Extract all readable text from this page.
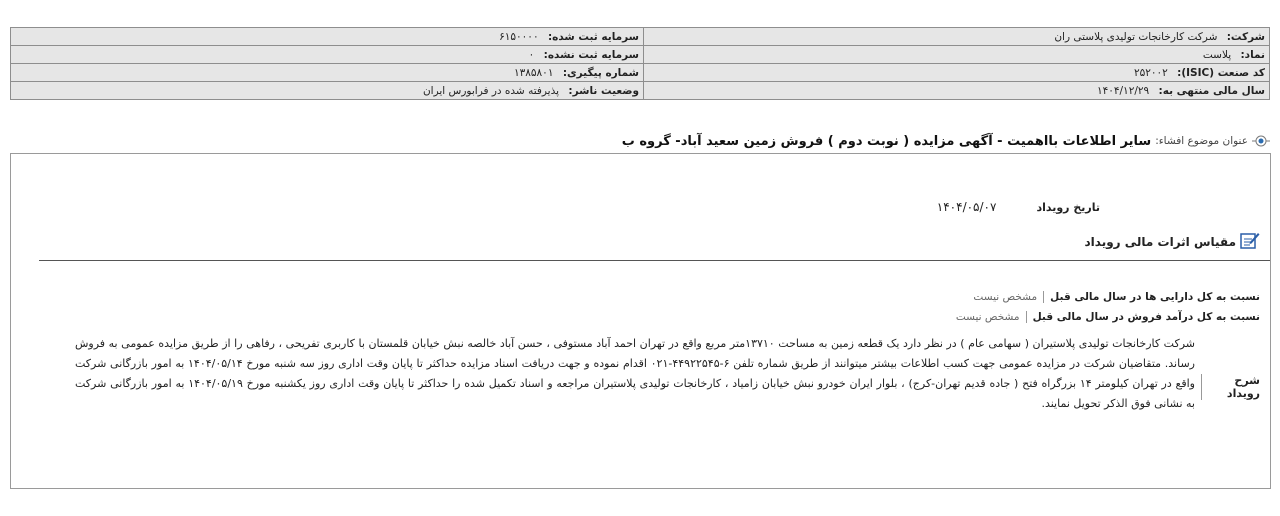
شرکت: شرکت کارخانجات تولیدی پلاستی ران	سرمایه ثبت شده: ۶۱۵۰۰۰۰
نماد: پلاست	سرمایه ثبت نشده: ۰
کد صنعت (ISIC): ۲۵۲۰۰۲	شماره پیگیری: ۱۳۸۵۸۰۱
سال مالی منتهی به: ۱۴۰۴/۱۲/۲۹	وضعیت ناشر: پذیرفته شده در فرابورس ایران
عنوان موضوع افشاء:
سایر اطلاعات بااهمیت - آگهی مزایده ( نوبت دوم ) فروش زمین سعید آباد- گروه ب
تاریخ رویداد
۱۴۰۴/۰۵/۰۷
مقیاس اثرات مالی رویداد
نسبت به کل دارایی ها در سال مالی قبل
مشخص نیست
نسبت به کل درآمد فروش در سال مالی قبل
مشخص نیست
شرح رویداد
شرکت کارخانجات تولیدی پلاستیران ( سهامی عام ) در نظر دارد یک قطعه زمین به مساحت ۱۳۷۱۰متر مربع واقع در تهران احمد آباد مستوفی ، حسن آباد خالصه نبش خیابان قلمستان با کاربری تفریحی ، رفاهی را از طریق مزایده عمومی به فروش رساند. متقاضیان شرکت در مزایده عمومی جهت کسب اطلاعات بیشتر میتوانند از طریق شماره تلفن ۶-۴۴۹۲۲۵۴۵-۰۲۱ اقدام نموده و جهت دریافت اسناد مزایده حداکثر تا پایان وقت اداری روز سه شنبه مورخ ۱۴۰۴/۰۵/۱۴ به امور بازرگانی شرکت واقع در تهران کیلومتر ۱۴ بزرگراه فتح ( جاده قدیم تهران-کرج) ، بلوار ایران خودرو نبش خیابان زامیاد ، کارخانجات تولیدی پلاستیران مراجعه و اسناد تکمیل شده را حداکثر تا پایان وقت اداری روز یکشنبه مورخ ۱۴۰۴/۰۵/۱۹ به امور بازرگانی شرکت به نشانی فوق الذکر تحویل نمایند.
